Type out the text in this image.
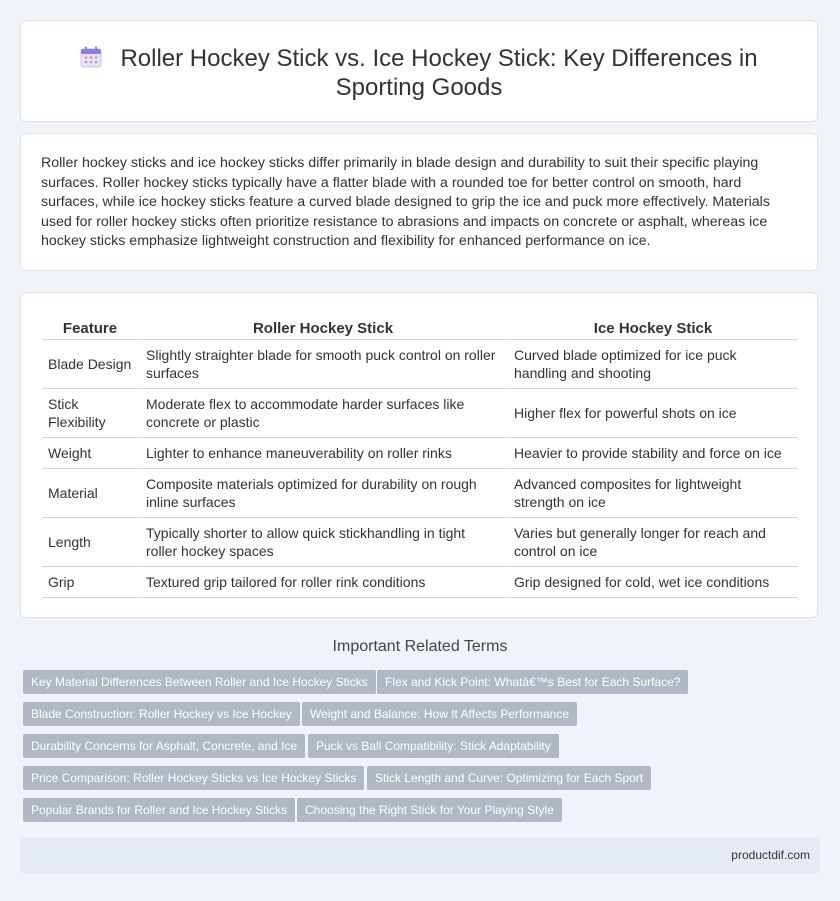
Roller Hockey Stick vs. Ice Hockey Stick: Key Differences in
Sporting Goods

Roller hockey sticks and ice hockey sticks differ primarily in blade design and durability to suit their specific playing surfaces. Roller hockey sticks typically have a flatter blade with a rounded toe for better control on smooth, hard surfaces, while ice hockey sticks feature a curved blade designed to grip the ice and puck more effectively. Materials used for roller hockey sticks often prioritize resistance to abrasions and impacts on concrete or asphalt, whereas ice hockey sticks emphasize lightweight construction and flexibility for enhanced performance on ice.

Feature	Roller Hockey Stick	Ice Hockey Stick
Blade Design	Slightly straighter blade for smooth puck control on roller surfaces	Curved blade optimized for ice puck handling and shooting
Stick Flexibility	Moderate flex to accommodate harder surfaces like concrete or plastic	Higher flex for powerful shots on ice
Weight	Lighter to enhance maneuverability on roller rinks	Heavier to provide stability and force on ice
Material	Composite materials optimized for durability on rough inline surfaces	Advanced composites for lightweight strength on ice
Length	Typically shorter to allow quick stickhandling in tight roller hockey spaces	Varies but generally longer for reach and control on ice
Grip	Textured grip tailored for roller rink conditions	Grip designed for cold, wet ice conditions
Important Related Terms
Key Material Differences Between Roller and Ice Hockey Sticks	Flex and Kick Point: Whatâ€™s Best for Each Surface?
Blade Construction: Roller Hockey vs Ice Hockey	Weight and Balance: How It Affects Performance
Durability Concerns for Asphalt, Concrete, and Ice	Puck vs Ball Compatibility: Stick Adaptability
Price Comparison: Roller Hockey Sticks vs Ice Hockey Sticks	Stick Length and Curve: Optimizing for Each Sport
Popular Brands for Roller and Ice Hockey Sticks	Choosing the Right Stick for Your Playing Style
productdif.com
